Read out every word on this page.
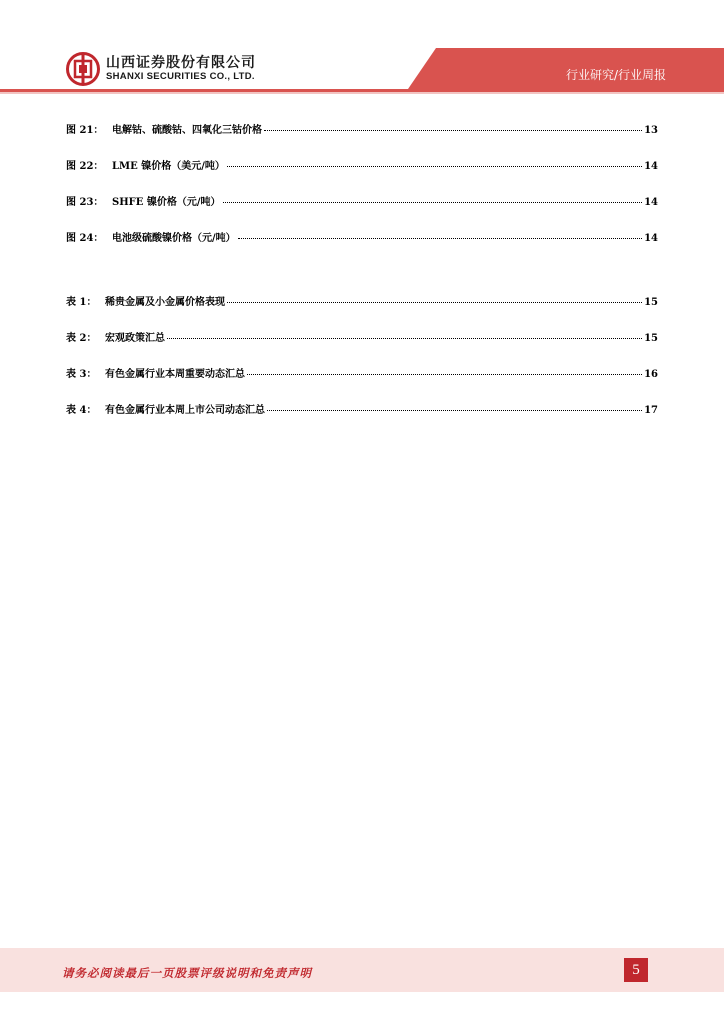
山西证券股份有限公司
SHANXI SECURITIES CO., LTD.	行业研究/行业周报
图 21： 电解钴、硫酸钴、四氧化三钴价格	13
图 22： LME 镍价格（美元/吨）	14
图 23： SHFE 镍价格（元/吨）	14
图 24： 电池级硫酸镍价格（元/吨）	14
表 1： 稀贵金属及小金属价格表现	15
表 2： 宏观政策汇总	15
表 3： 有色金属行业本周重要动态汇总	16
表 4： 有色金属行业本周上市公司动态汇总	17
请务必阅读最后一页股票评级说明和免责声明	5
